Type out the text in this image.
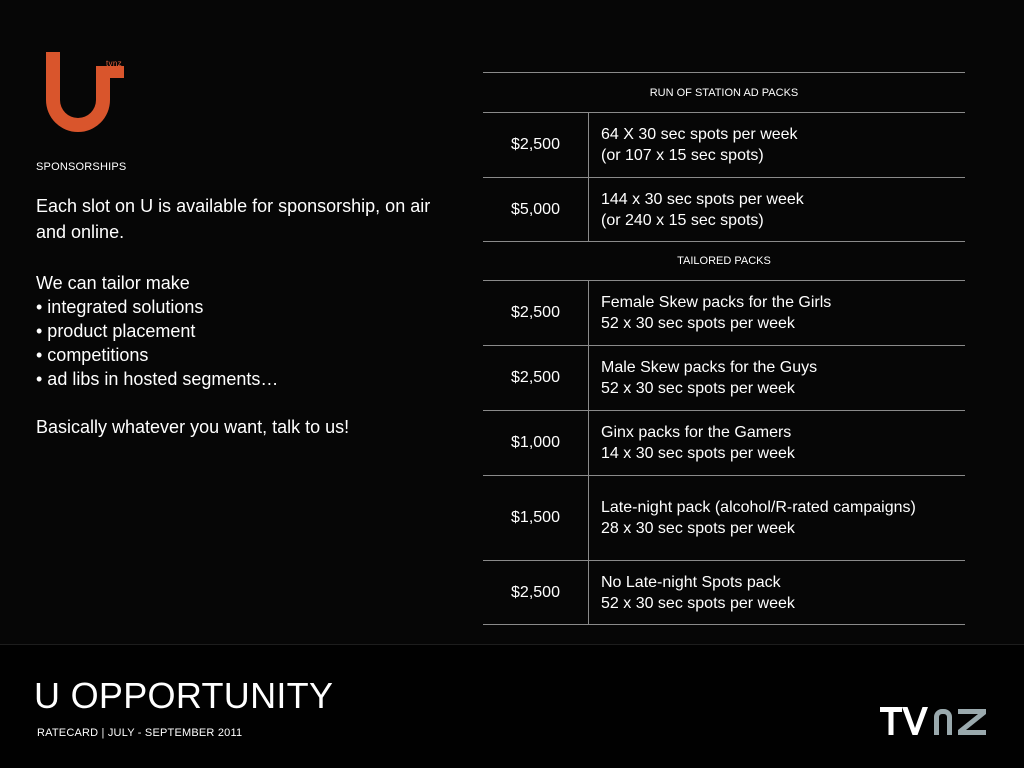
tvnz
SPONSORSHIPS
Each slot on U is available for sponsorship, on air and online.
We can tailor make
• integrated solutions
• product placement
• competitions
• ad libs in hosted segments…
Basically whatever you want, talk to us!
RUN OF STATION AD PACKS
$2,500
64 X 30 sec spots per week
(or 107 x 15 sec spots)
$5,000
144 x 30 sec spots per week
(or 240 x 15 sec spots)
TAILORED PACKS
$2,500
Female Skew packs for the Girls
52 x 30 sec spots per week
$2,500
Male Skew packs for the Guys
52 x 30 sec spots per week
$1,000
Ginx packs for the Gamers
14 x 30 sec spots per week
$1,500
Late-night pack (alcohol/R-rated campaigns)
28 x 30 sec spots per week
$2,500
No Late-night Spots pack
52 x 30 sec spots per week
U OPPORTUNITY
RATECARD | JULY - SEPTEMBER 2011
